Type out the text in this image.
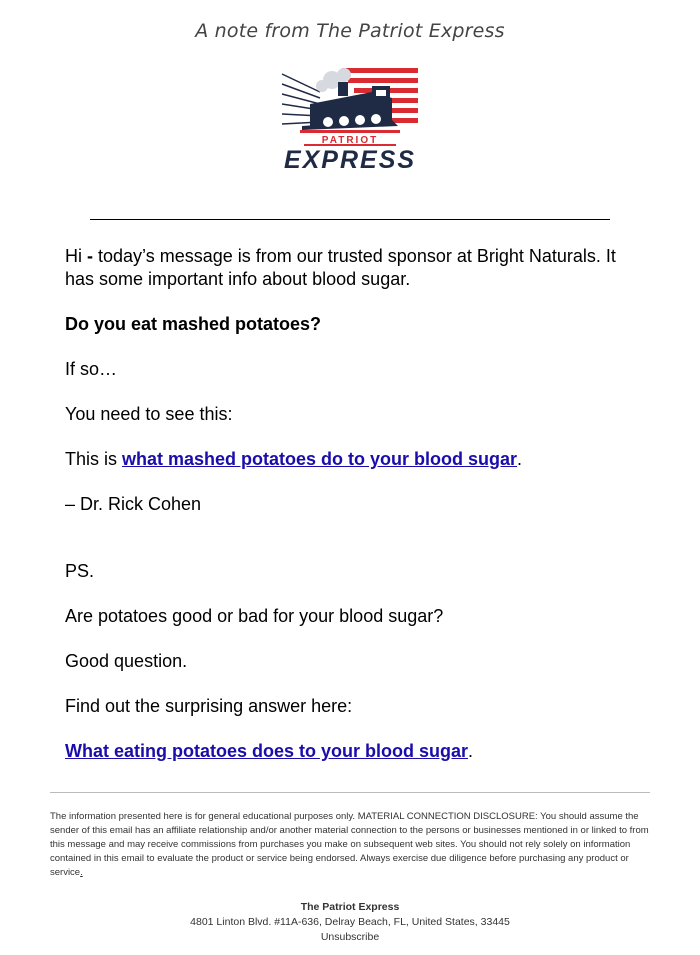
A note from The Patriot Express
PATRIOT
EXPRESS

Hi - today’s message is from our trusted sponsor at Bright Naturals. It has some important info about blood sugar.

Do you eat mashed potatoes?

If so…

You need to see this:

This is what mashed potatoes do to your blood sugar.

– Dr. Rick Cohen

PS.

Are potatoes good or bad for your blood sugar?

Good question.

Find out the surprising answer here:

What eating potatoes does to your blood sugar.

The information presented here is for general educational purposes only. MATERIAL CONNECTION DISCLOSURE: You should assume the sender of this email has an affiliate relationship and/or another material connection to the persons or businesses mentioned in or linked to from this message and may receive commissions from purchases you make on subsequent web sites. You should not rely solely on information contained in this email to evaluate the product or service being endorsed. Always exercise due diligence before purchasing any product or service.
The Patriot Express
4801 Linton Blvd. #11A-636, Delray Beach, FL, United States, 33445
Unsubscribe
